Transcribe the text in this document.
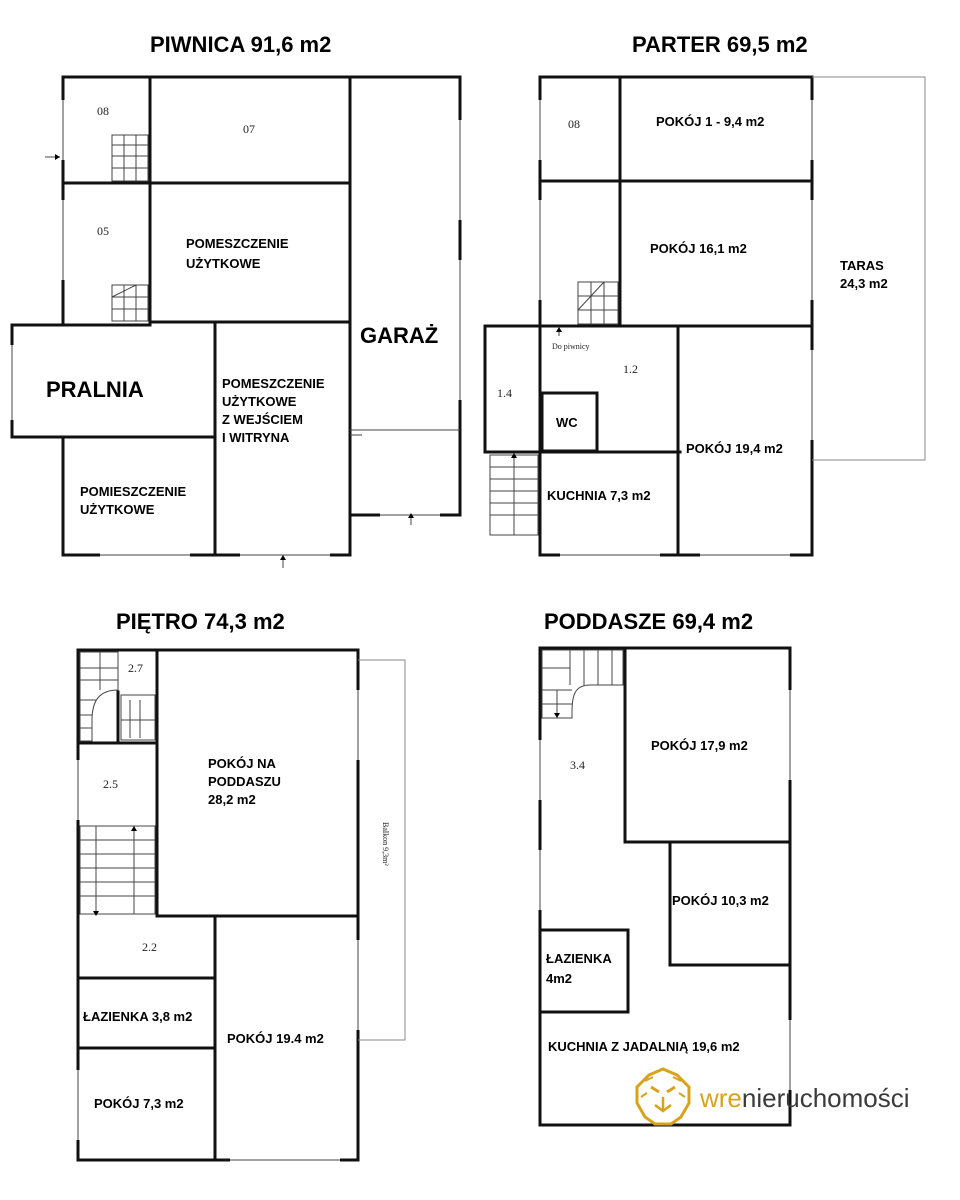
PIWNICA 91,6 m2
08
07
05
POMESZCZENIE
UŻYTKOWE
GARAŻ
PRALNIA	POMESZCZENIE
UŻYTKOWE
Z WEJŚCIEM
I WITRYNA
POMIESZCZENIE
UŻYTKOWE
PARTER 69,5 m2
08	POKÓJ 1 - 9,4 m2
POKÓJ 16,1 m2
TARAS
24,3 m2
Do piwnicy
1.2
1.4
WC
POKÓJ 19,4 m2
KUCHNIA 7,3 m2
PIĘTRO 74,3 m2
2.7
2.5
2.2
POKÓJ NA
PODDASZU
28,2 m2
Balkon 9,3m²
ŁAZIENKA 3,8 m2
POKÓJ 19.4 m2
POKÓJ 7,3 m2
PODDASZE 69,4 m2
3.4
POKÓJ 17,9 m2
POKÓJ 10,3 m2
ŁAZIENKA
4m2
KUCHNIA Z JADALNIĄ 19,6 m2
wrenieruchomości
